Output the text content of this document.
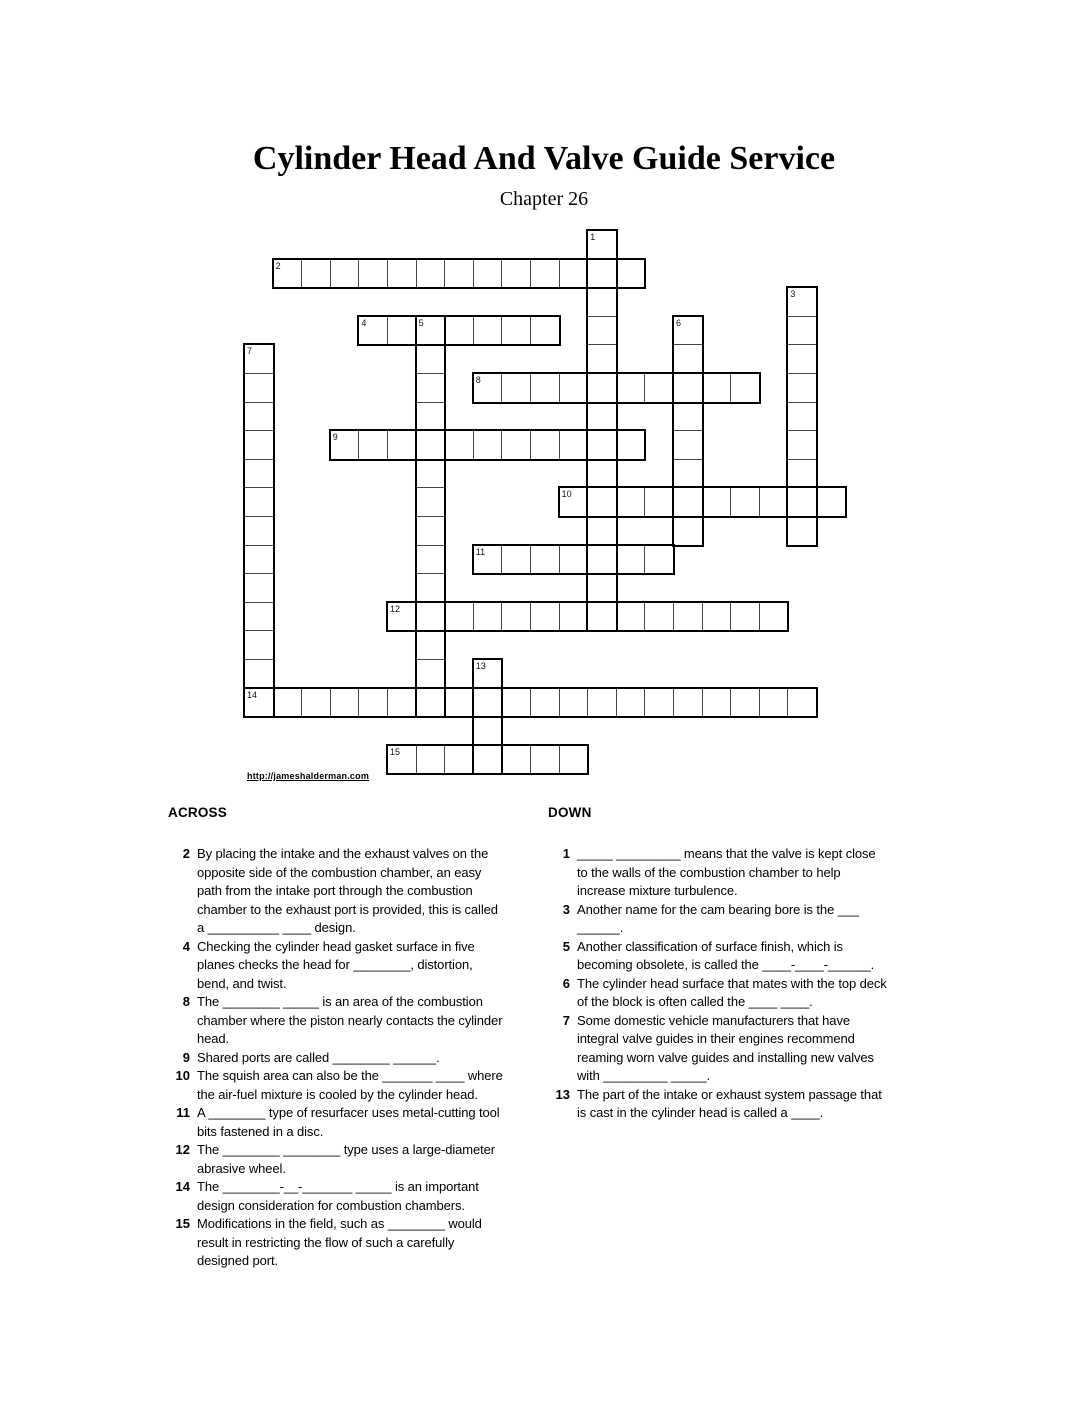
Cylinder Head And Valve Guide Service
Chapter 26
2
4
8
9
10
11
12
14
15
1
3
5	6
7
13
http://jameshalderman.com
ACROSS
2 By placing the intake and the exhaust valves on the opposite side of the combustion chamber, an easy path from the intake port through the combustion chamber to the exhaust port is provided, this is called a __________ ____ design.
4 Checking the cylinder head gasket surface in five planes checks the head for ________, distortion, bend, and twist.
8 The ________ _____ is an area of the combustion chamber where the piston nearly contacts the cylinder head.
9 Shared ports are called ________ ______.
10 The squish area can also be the _______ ____ where the air-fuel mixture is cooled by the cylinder head.
11 A ________ type of resurfacer uses metal-cutting tool bits fastened in a disc.
12 The ________ ________ type uses a large-diameter abrasive wheel.
14 The ________-__-_______ _____ is an important design consideration for combustion chambers.
15 Modifications in the field, such as ________ would result in restricting the flow of such a carefully designed port.
DOWN
1 _____ _________ means that the valve is kept close to the walls of the combustion chamber to help increase mixture turbulence.
3 Another name for the cam bearing bore is the ___ ______.
5 Another classification of surface finish, which is becoming obsolete, is called the ____-____-______.
6 The cylinder head surface that mates with the top deck of the block is often called the ____ ____.
7 Some domestic vehicle manufacturers that have integral valve guides in their engines recommend reaming worn valve guides and installing new valves with _________ _____.
13 The part of the intake or exhaust system passage that is cast in the cylinder head is called a ____.
